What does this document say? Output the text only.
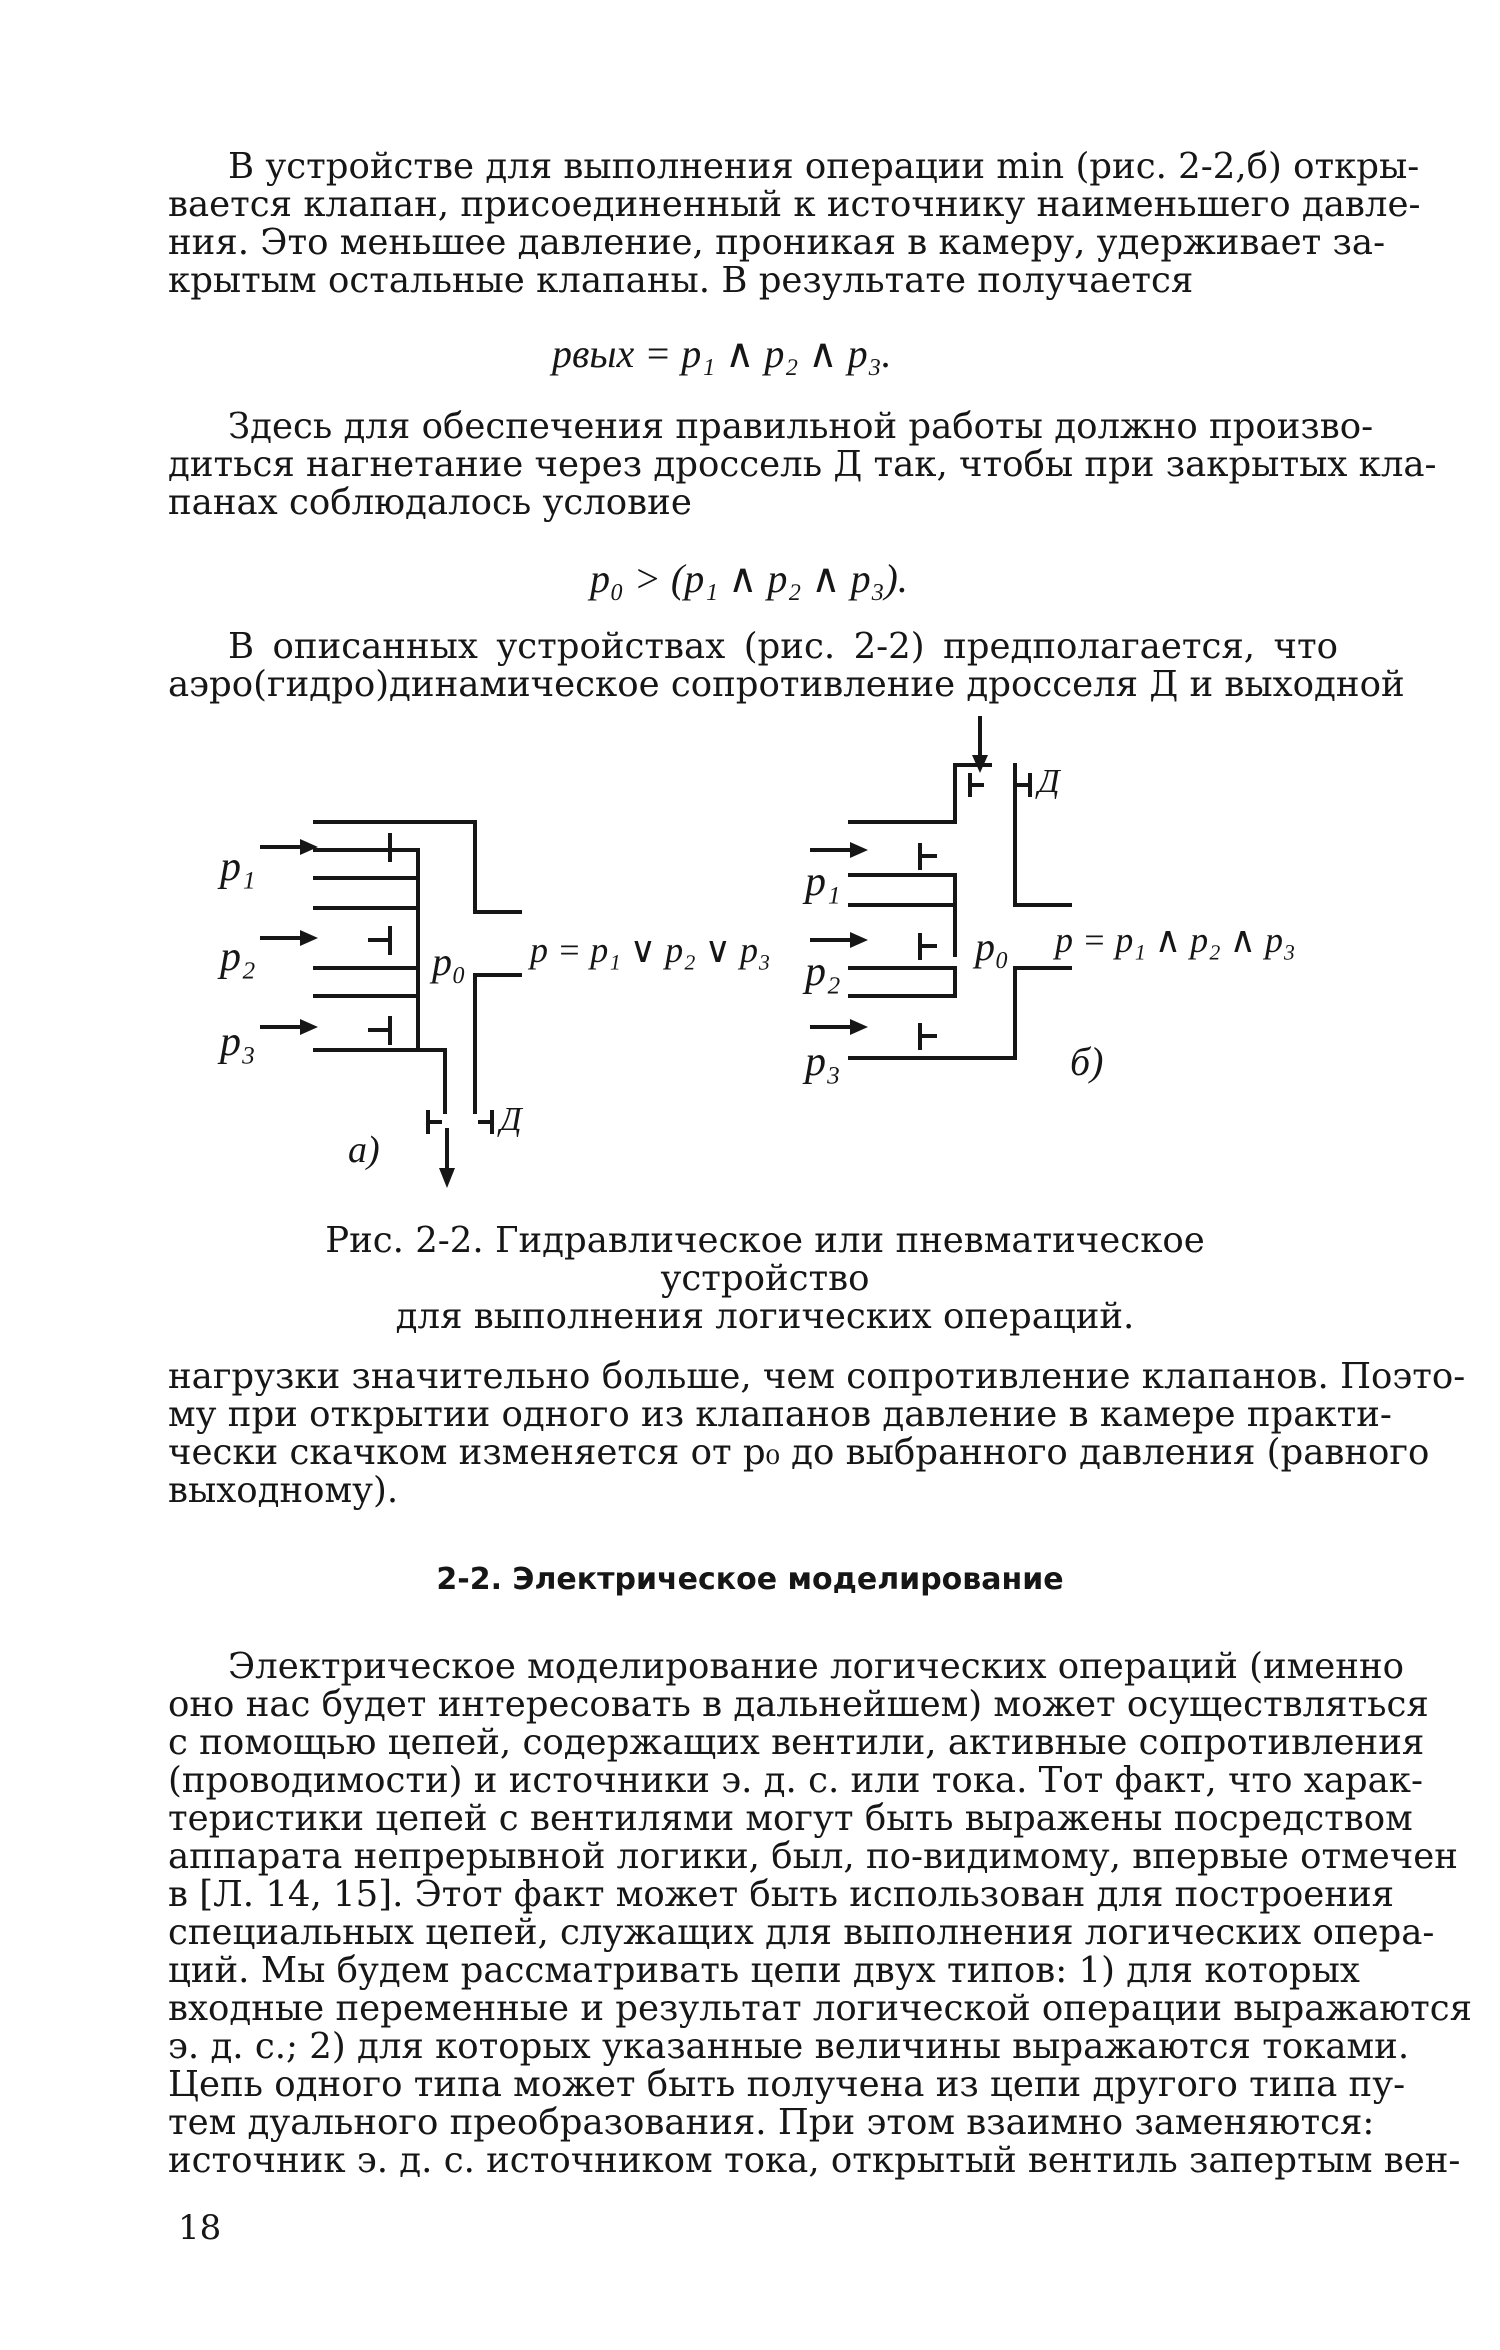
В устройстве для выполнения операции min (рис. 2-2,б) откры-
вается клапан, присоединенный к источнику наименьшего давле-
ния. Это меньшее давление, проникая в камеру, удерживает за-
крытым остальные клапаны. В результате получается

pвых = p₁ ∧ p₂ ∧ p₃.

Здесь для обеспечения правильной работы должно произво-
диться нагнетание через дроссель Д так, чтобы при закрытых кла-
панах соблюдалось условие

p₀ > (p₁ ∧ p₂ ∧ p₃).

В описанных устройствах (рис. 2-2) предполагается, что
аэро(гидро)динамическое сопротивление дросселя Д и выходной

p₁
p₂
p₃
p₀ p = p₁ ∨ p₂ ∨ p₃
Д
а)
p₁
p₂
p₃
p₀ p = p₁ ∧ p₂ ∧ p₃
Д
б)
Рис. 2-2. Гидравлическое или пневматическое устройство
для выполнения логических операций.

нагрузки значительно больше, чем сопротивление клапанов. Поэто-
му при открытии одного из клапанов давление в камере практи-
чески скачком изменяется от p₀ до выбранного давления (равного
выходному).

2-2. Электрическое моделирование

Электрическое моделирование логических операций (именно
оно нас будет интересовать в дальнейшем) может осуществляться
с помощью цепей, содержащих вентили, активные сопротивления
(проводимости) и источники э. д. с. или тока. Тот факт, что харак-
теристики цепей с вентилями могут быть выражены посредством
аппарата непрерывной логики, был, по-видимому, впервые отмечен
в [Л. 14, 15]. Этот факт может быть использован для построения
специальных цепей, служащих для выполнения логических опера-
ций. Мы будем рассматривать цепи двух типов: 1) для которых
входные переменные и результат логической операции выражаются
э. д. с.; 2) для которых указанные величины выражаются токами.
Цепь одного типа может быть получена из цепи другого типа пу-
тем дуального преобразования. При этом взаимно заменяются:
источник э. д. с. источником тока, открытый вентиль запертым вен-

18
